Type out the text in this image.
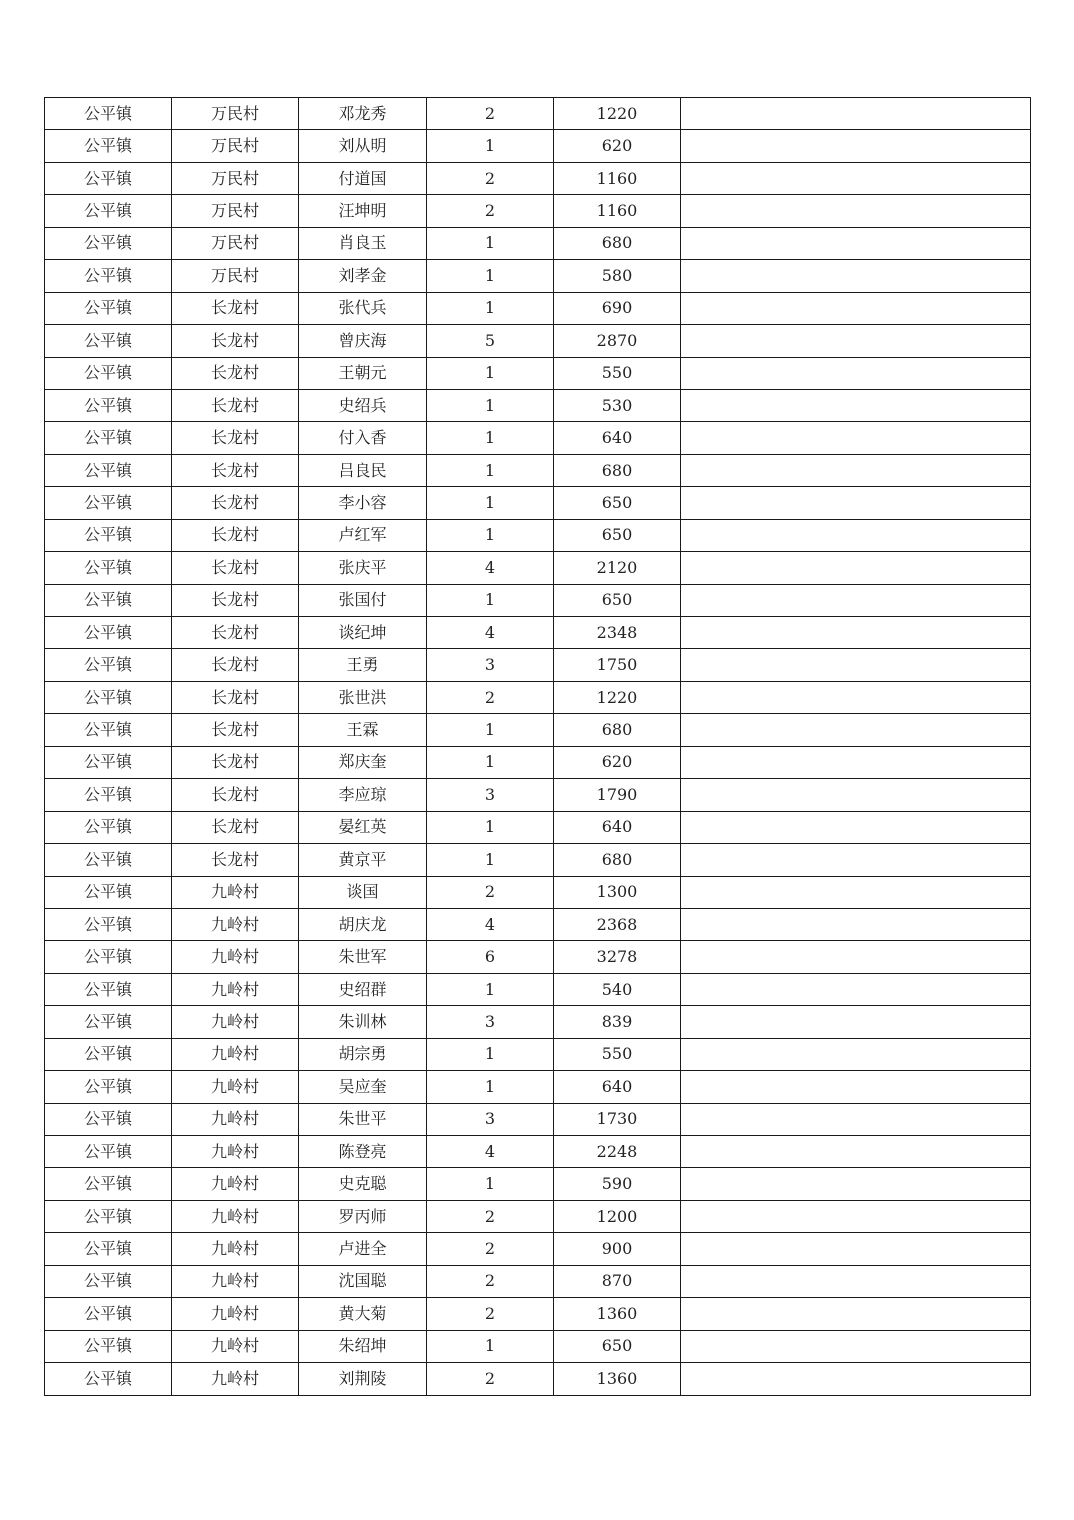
公平镇	万民村	邓龙秀	2	1220	
公平镇	万民村	刘从明	1	620	
公平镇	万民村	付道国	2	1160	
公平镇	万民村	汪坤明	2	1160	
公平镇	万民村	肖良玉	1	680	
公平镇	万民村	刘孝金	1	580	
公平镇	长龙村	张代兵	1	690	
公平镇	长龙村	曾庆海	5	2870	
公平镇	长龙村	王朝元	1	550	
公平镇	长龙村	史绍兵	1	530	
公平镇	长龙村	付入香	1	640	
公平镇	长龙村	吕良民	1	680	
公平镇	长龙村	李小容	1	650	
公平镇	长龙村	卢红军	1	650	
公平镇	长龙村	张庆平	4	2120	
公平镇	长龙村	张国付	1	650	
公平镇	长龙村	谈纪坤	4	2348	
公平镇	长龙村	王勇	3	1750	
公平镇	长龙村	张世洪	2	1220	
公平镇	长龙村	王霖	1	680	
公平镇	长龙村	郑庆奎	1	620	
公平镇	长龙村	李应琼	3	1790	
公平镇	长龙村	晏红英	1	640	
公平镇	长龙村	黄京平	1	680	
公平镇	九岭村	谈国	2	1300	
公平镇	九岭村	胡庆龙	4	2368	
公平镇	九岭村	朱世军	6	3278	
公平镇	九岭村	史绍群	1	540	
公平镇	九岭村	朱训林	3	839	
公平镇	九岭村	胡宗勇	1	550	
公平镇	九岭村	吴应奎	1	640	
公平镇	九岭村	朱世平	3	1730	
公平镇	九岭村	陈登亮	4	2248	
公平镇	九岭村	史克聪	1	590	
公平镇	九岭村	罗丙师	2	1200	
公平镇	九岭村	卢进全	2	900	
公平镇	九岭村	沈国聪	2	870	
公平镇	九岭村	黄大菊	2	1360	
公平镇	九岭村	朱绍坤	1	650	
公平镇	九岭村	刘荆陵	2	1360	
